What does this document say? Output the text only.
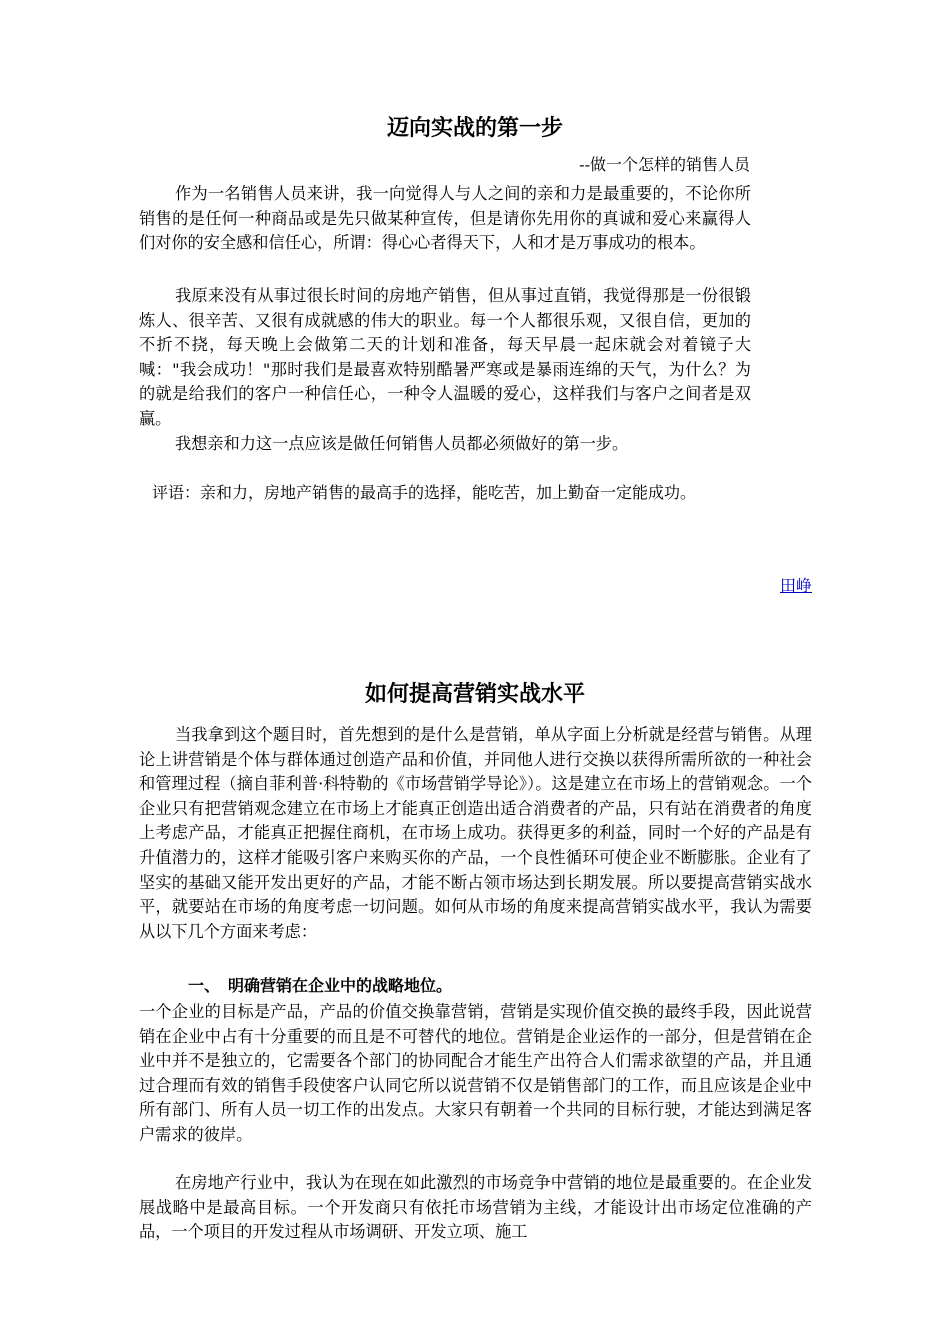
迈向实战的第一步
--做一个怎样的销售人员

作为一名销售人员来讲，我一向觉得人与人之间的亲和力是最重要的，不论你所销售的是任何一种商品或是先只做某种宣传，但是请你先用你的真诚和爱心来赢得人们对你的安全感和信任心，所谓：得心心者得天下，人和才是万事成功的根本。

我原来没有从事过很长时间的房地产销售，但从事过直销，我觉得那是一份很锻炼人、很辛苦、又很有成就感的伟大的职业。每一个人都很乐观，又很自信，更加的不折不挠，每天晚上会做第二天的计划和准备，每天早晨一起床就会对着镜子大喊："我会成功！"那时我们是最喜欢特别酷暑严寒或是暴雨连绵的天气，为什么？为的就是给我们的客户一种信任心，一种令人温暖的爱心，这样我们与客户之间者是双赢。

我想亲和力这一点应该是做任何销售人员都必须做好的第一步。

评语：亲和力，房地产销售的最高手的选择，能吃苦，加上勤奋一定能成功。
田峥
如何提高营销实战水平

当我拿到这个题目时，首先想到的是什么是营销，单从字面上分析就是经营与销售。从理论上讲营销是个体与群体通过创造产品和价值，并同他人进行交换以获得所需所欲的一种社会和管理过程（摘自菲利普·科特勒的《市场营销学导论》）。这是建立在市场上的营销观念。一个企业只有把营销观念建立在市场上才能真正创造出适合消费者的产品，只有站在消费者的角度上考虑产品，才能真正把握住商机，在市场上成功。获得更多的利益，同时一个好的产品是有升值潜力的，这样才能吸引客户来购买你的产品，一个良性循环可使企业不断膨胀。企业有了坚实的基础又能开发出更好的产品，才能不断占领市场达到长期发展。所以要提高营销实战水平，就要站在市场的角度考虑一切问题。如何从市场的角度来提高营销实战水平，我认为需要从以下几个方面来考虑：

一、　明确营销在企业中的战略地位。

一个企业的目标是产品，产品的价值交换靠营销，营销是实现价值交换的最终手段，因此说营销在企业中占有十分重要的而且是不可替代的地位。营销是企业运作的一部分，但是营销在企业中并不是独立的，它需要各个部门的协同配合才能生产出符合人们需求欲望的产品，并且通过合理而有效的销售手段使客户认同它所以说营销不仅是销售部门的工作，而且应该是企业中所有部门、所有人员一切工作的出发点。大家只有朝着一个共同的目标行驶，才能达到满足客户需求的彼岸。

在房地产行业中，我认为在现在如此激烈的市场竞争中营销的地位是最重要的。在企业发展战略中是最高目标。一个开发商只有依托市场营销为主线，才能设计出市场定位准确的产品，一个项目的开发过程从市场调研、开发立项、施工
